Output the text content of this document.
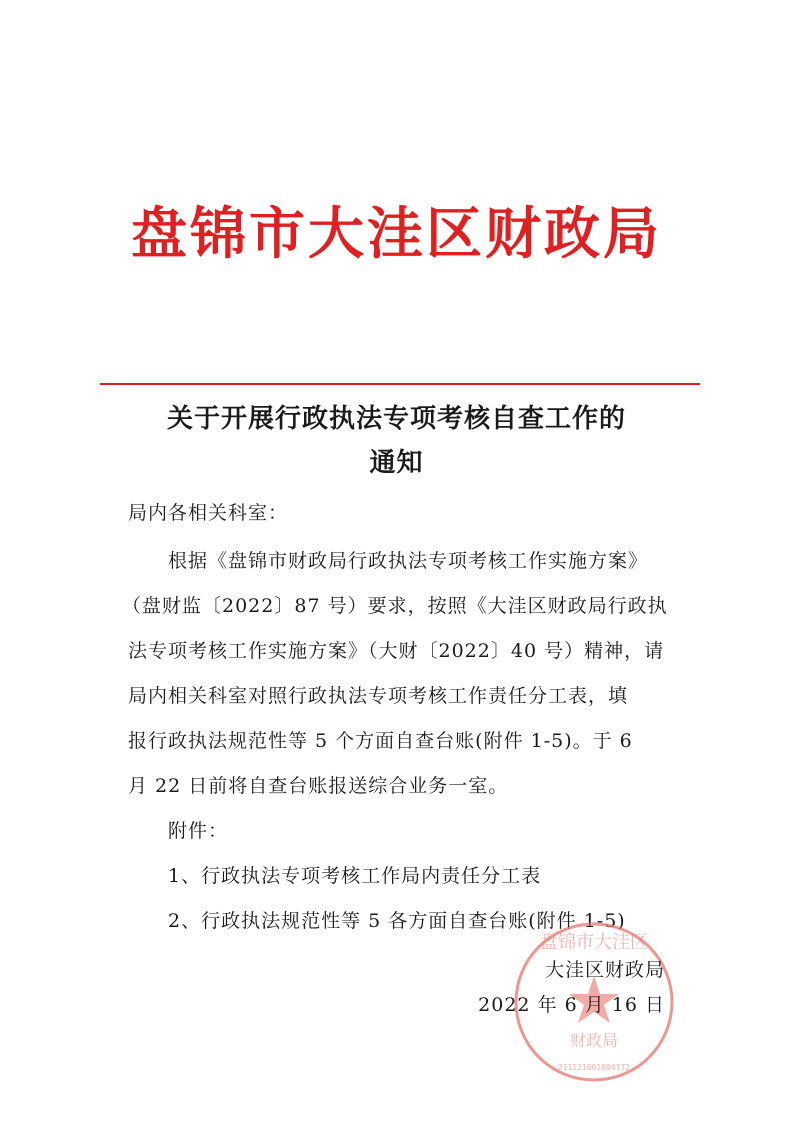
盘锦市大洼区财政局
关于开展行政执法专项考核自查工作的
通知
局内各相关科室：
根据《盘锦市财政局行政执法专项考核工作实施方案》
（盘财监〔2022〕87 号）要求，按照《大洼区财政局行政执
法专项考核工作实施方案》（大财〔2022〕40 号）精神，请
局内相关科室对照行政执法专项考核工作责任分工表，填
报行政执法规范性等 5 个方面自查台账(附件 1-5)。于 6
月 22 日前将自查台账报送综合业务一室。
附件：
1、行政执法专项考核工作局内责任分工表
2、行政执法规范性等 5 各方面自查台账(附件 1-5)
盘锦市大洼区
财政局
211121001004172
大洼区财政局
2022 年 6 月 16 日
